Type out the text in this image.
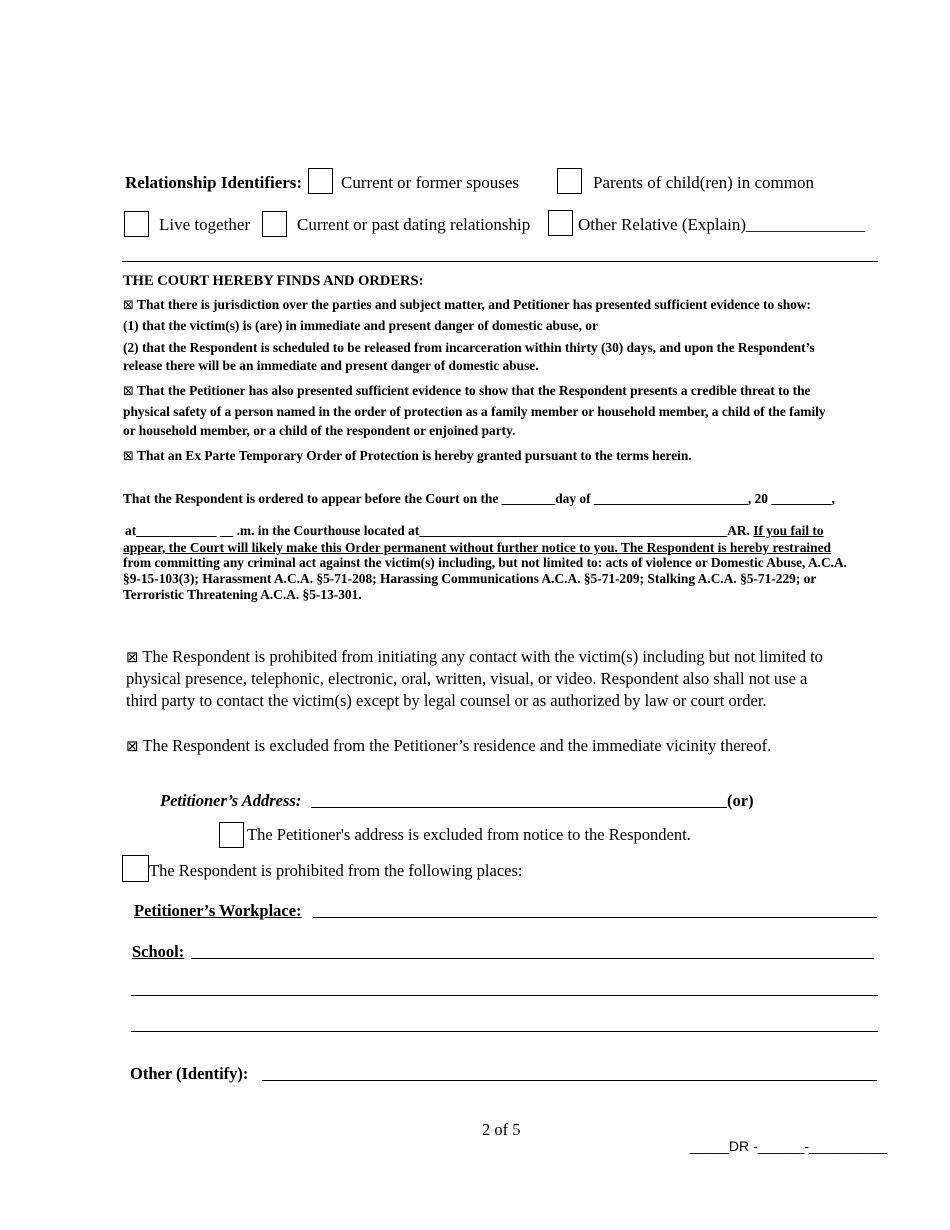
Relationship Identifiers: Current or former spouses	Parents of child(ren) in common
Live together	Current or past dating relationship	Other Relative (Explain)______________
THE COURT HEREBY FINDS AND ORDERS:
⊠ That there is jurisdiction over the parties and subject matter, and Petitioner has presented sufficient evidence to show:
(1) that the victim(s) is (are) in immediate and present danger of domestic abuse, or
(2) that the Respondent is scheduled to be released from incarceration within thirty (30) days, and upon the Respondent’s
release there will be an immediate and present danger of domestic abuse.
⊠ That the Petitioner has also presented sufficient evidence to show that the Respondent presents a credible threat to the
physical safety of a person named in the order of protection as a family member or household member, a child of the family
or household member, or a child of the respondent or enjoined party.
⊠ That an Ex Parte Temporary Order of Protection is hereby granted pursuant to the terms herein.
That the Respondent is ordered to appear before the Court on the ________day of _______________________, 20 _________,
at____________ __ .m. in the Courthouse located at______________________________________________AR. If you fail to
appear, the Court will likely make this Order permanent without further notice to you. The Respondent is hereby restrained
from committing any criminal act against the victim(s) including, but not limited to: acts of violence or Domestic Abuse, A.C.A.
§9-15-103(3); Harassment A.C.A. §5-71-208; Harassing Communications A.C.A. §5-71-209; Stalking A.C.A. §5-71-229; or
Terroristic Threatening A.C.A. §5-13-301.
⊠ The Respondent is prohibited from initiating any contact with the victim(s) including but not limited to
physical presence, telephonic, electronic, oral, written, visual, or video. Respondent also shall not use a
third party to contact the victim(s) except by legal counsel or as authorized by law or court order.
⊠ The Respondent is excluded from the Petitioner’s residence and the immediate vicinity thereof.
Petitioner’s Address:	(or)
The Petitioner's address is excluded from notice to the Respondent.
The Respondent is prohibited from the following places:
Petitioner’s Workplace:
School:
Other (Identify):
2 of 5
_____DR -______-__________
